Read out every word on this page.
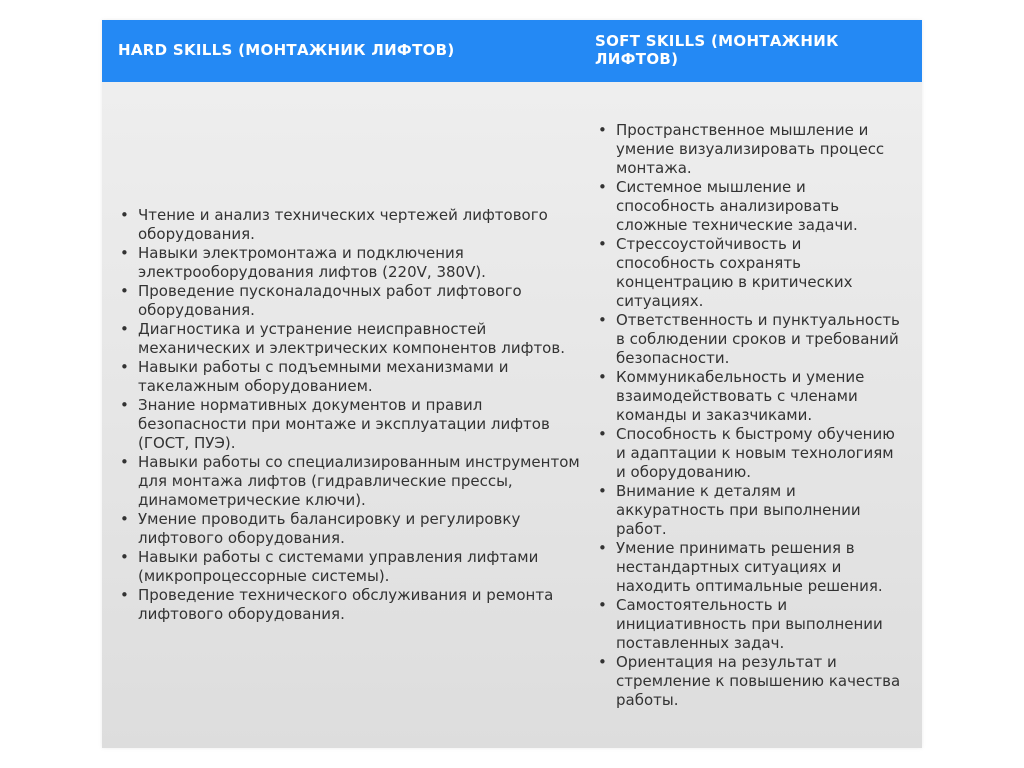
HARD SKILLS (МОНТАЖНИК ЛИФТОВ)	SOFT SKILLS (МОНТАЖНИК ЛИФТОВ)
• Чтение и анализ технических чертежей лифтового оборудования.
• Навыки электромонтажа и подключения электрооборудования лифтов (220V, 380V).
• Проведение пусконаладочных работ лифтового оборудования.
• Диагностика и устранение неисправностей механических и электрических компонентов лифтов.
• Навыки работы с подъемными механизмами и такелажным оборудованием.
• Знание нормативных документов и правил безопасности при монтаже и эксплуатации лифтов (ГОСТ, ПУЭ).
• Навыки работы со специализированным инструментом для монтажа лифтов (гидравлические прессы, динамометрические ключи).
• Умение проводить балансировку и регулировку лифтового оборудования.
• Навыки работы с системами управления лифтами (микропроцессорные системы).
• Проведение технического обслуживания и ремонта лифтового оборудования.
• Пространственное мышление и умение визуализировать процесс монтажа.
• Системное мышление и способность анализировать сложные технические задачи.
• Стрессоустойчивость и способность сохранять концентрацию в критических ситуациях.
• Ответственность и пунктуальность в соблюдении сроков и требований безопасности.
• Коммуникабельность и умение взаимодействовать с членами команды и заказчиками.
• Способность к быстрому обучению и адаптации к новым технологиям и оборудованию.
• Внимание к деталям и аккуратность при выполнении работ.
• Умение принимать решения в нестандартных ситуациях и находить оптимальные решения.
• Самостоятельность и инициативность при выполнении поставленных задач.
• Ориентация на результат и стремление к повышению качества работы.
